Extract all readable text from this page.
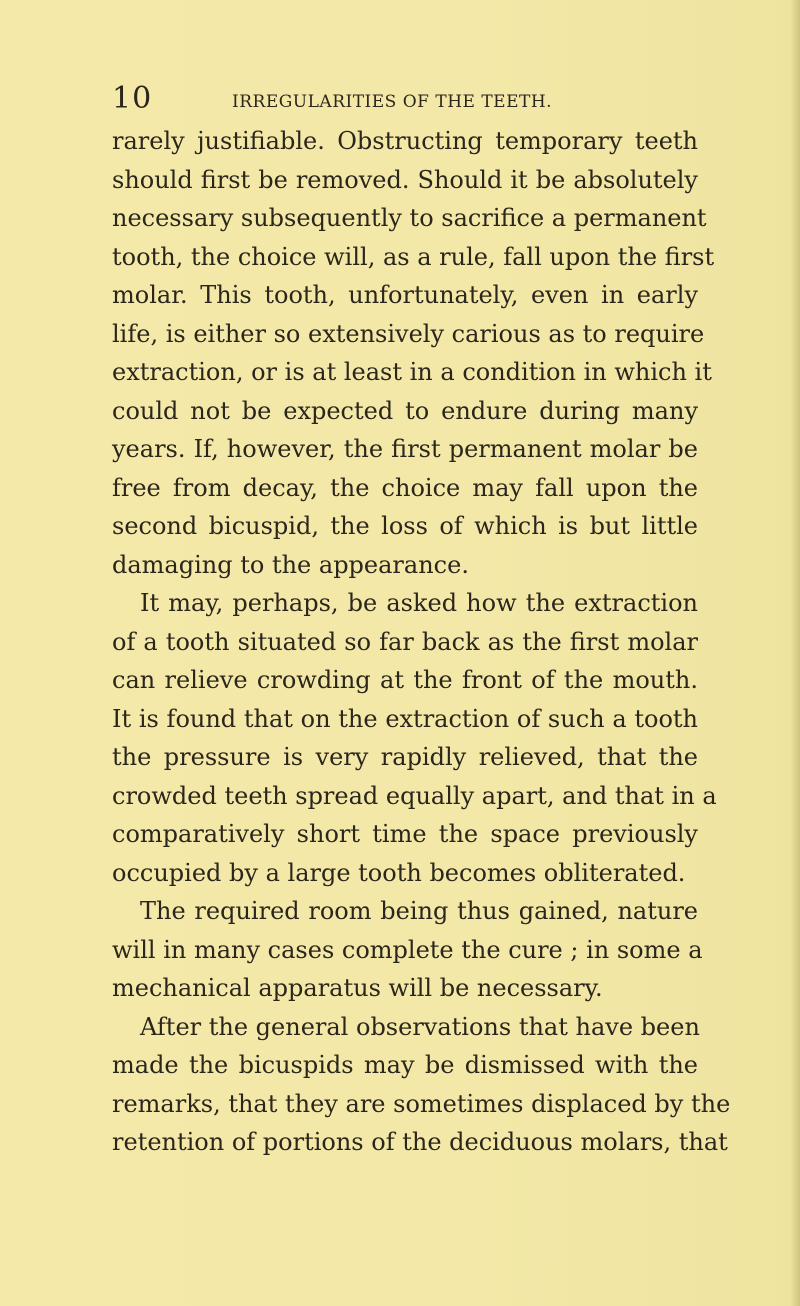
10	IRREGULARITIES OF THE TEETH.
rarely justifiable. Obstructing temporary teeth
should first be removed. Should it be absolutely
necessary subsequently to sacrifice a permanent
tooth, the choice will, as a rule, fall upon the first
molar. This tooth, unfortunately, even in early
life, is either so extensively carious as to require
extraction, or is at least in a condition in which it
could not be expected to endure during many
years. If, however, the first permanent molar be
free from decay, the choice may fall upon the
second bicuspid, the loss of which is but little
damaging to the appearance.
It may, perhaps, be asked how the extraction
of a tooth situated so far back as the first molar
can relieve crowding at the front of the mouth.
It is found that on the extraction of such a tooth
the pressure is very rapidly relieved, that the
crowded teeth spread equally apart, and that in a
comparatively short time the space previously
occupied by a large tooth becomes obliterated.
The required room being thus gained, nature
will in many cases complete the cure ; in some a
mechanical apparatus will be necessary.
After the general observations that have been
made the bicuspids may be dismissed with the
remarks, that they are sometimes displaced by the
retention of portions of the deciduous molars, that
